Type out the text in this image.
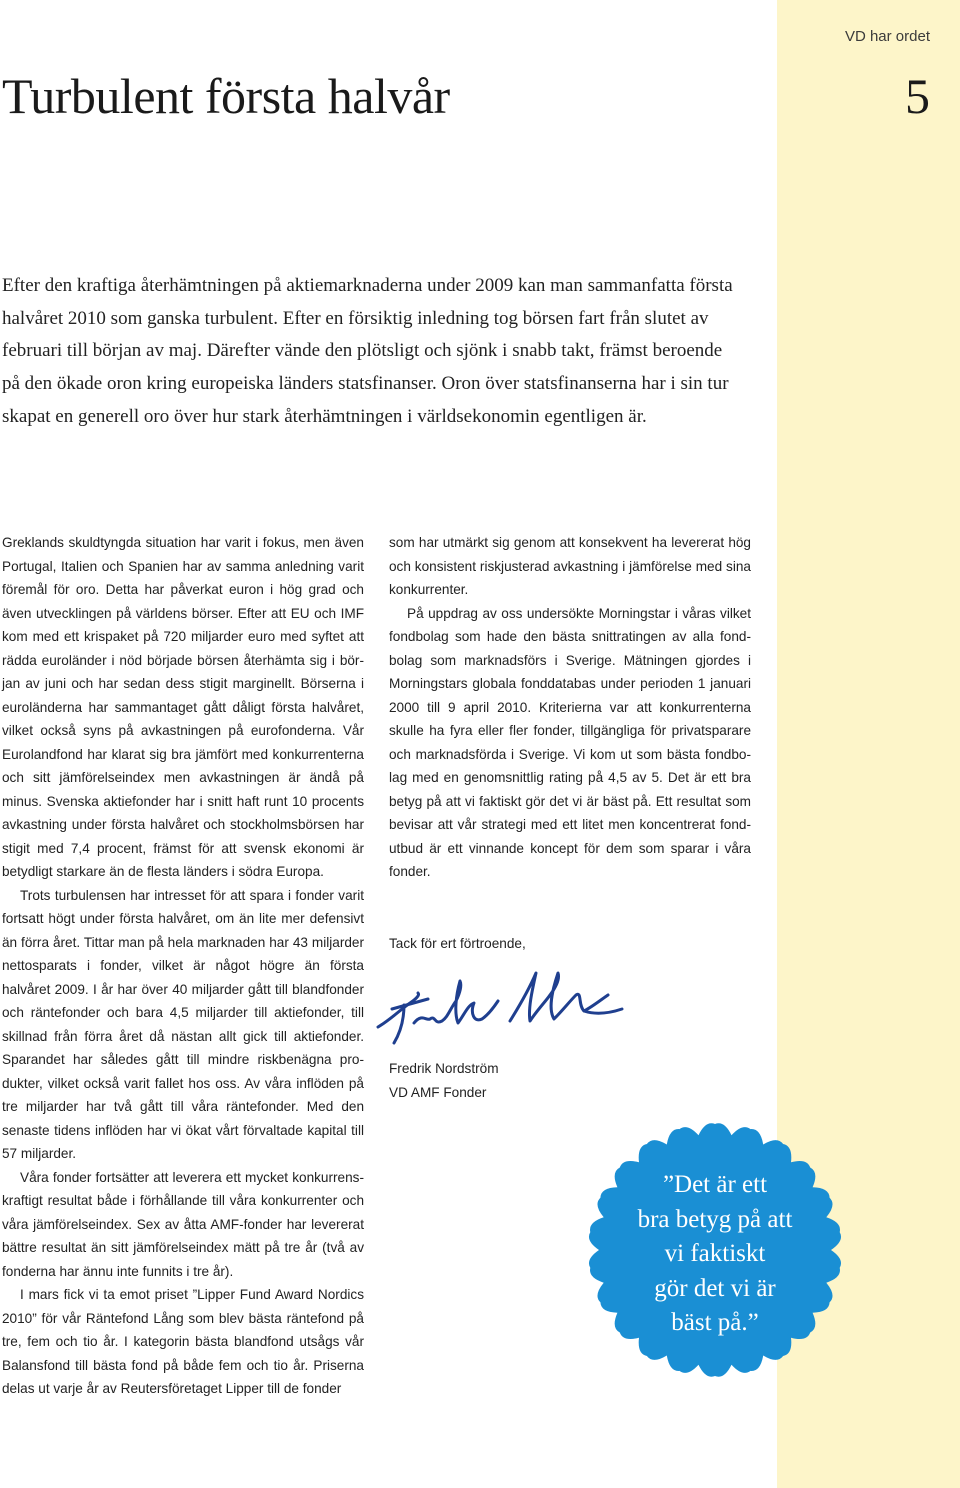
VD har ordet
5
Turbulent första halvår

Efter den kraftiga återhämtningen på aktiemarknaderna under 2009 kan man sammanfatta första halvåret 2010 som ganska turbulent. Efter en försiktig inledning tog börsen fart från slutet av februari till början av maj. Därefter vände den plötsligt och sjönk i snabb takt, främst beroende på den ökade oron kring europeiska länders statsfinanser. Oron över statsfinanserna har i sin tur skapat en generell oro över hur stark återhämtningen i världsekonomin egentligen är.

Greklands skuldtyngda situation har varit i fokus, men även Portugal, Italien och Spanien har av samma anledning varit föremål för oro. Detta har påverkat euron i hög grad och även utvecklingen på världens börser. Efter att EU och IMF kom med ett krispaket på 720 miljarder euro med syftet att rädda euroländer i nöd började börsen återhämta sig i början av juni och har sedan dess stigit marginellt. Börserna i euroländerna har sammantaget gått dåligt första halvåret, vilket också syns på avkastningen på eurofonderna. Vår Eurolandfond har klarat sig bra jämfört med konkurrenterna och sitt jämförelseindex men avkastningen är ändå på minus. Svenska aktiefonder har i snitt haft runt 10 procents avkastning under första halvåret och stockholmsbörsen har stigit med 7,4 procent, främst för att svensk ekonomi är betydligt starkare än de flesta länders i södra Europa.

Trots turbulensen har intresset för att spara i fonder varit fortsatt högt under första halvåret, om än lite mer defensivt än förra året. Tittar man på hela marknaden har 43 miljarder nettosparats i fonder, vilket är något högre än första halvåret 2009. I år har över 40 miljarder gått till blandfonder och räntefonder och bara 4,5 miljarder till aktiefonder, till skillnad från förra året då nästan allt gick till aktiefonder. Sparandet har således gått till mindre riskbenägna produkter, vilket också varit fallet hos oss. Av våra inflöden på tre miljarder har två gått till våra räntefonder. Med den senaste tidens inflöden har vi ökat vårt förvaltade kapital till 57 miljarder.

Våra fonder fortsätter att leverera ett mycket konkurrenskraftigt resultat både i förhållande till våra konkurrenter och våra jämförelseindex. Sex av åtta AMF-fonder har levererat bättre resultat än sitt jämförelseindex mätt på tre år (två av fonderna har ännu inte funnits i tre år).

I mars fick vi ta emot priset ”Lipper Fund Award Nordics 2010” för vår Räntefond Lång som blev bästa räntefond på tre, fem och tio år. I kategorin bästa blandfond utsågs vår Balansfond till bästa fond på både fem och tio år. Priserna delas ut varje år av Reutersföretaget Lipper till de fonder

som har utmärkt sig genom att konsekvent ha levererat hög och konsistent riskjusterad avkastning i jämförelse med sina konkurrenter.

På uppdrag av oss undersökte Morningstar i våras vilket fondbolag som hade den bästa snittratingen av alla fondbolag som marknadsförs i Sverige. Mätningen gjordes i Morningstars globala fonddatabas under perioden 1 januari 2000 till 9 april 2010. Kriterierna var att konkurrenterna skulle ha fyra eller fler fonder, tillgängliga för privatsparare och marknadsförda i Sverige. Vi kom ut som bästa fondbolag med en genomsnittlig rating på 4,5 av 5. Det är ett bra betyg på att vi faktiskt gör det vi är bäst på. Ett resultat som bevisar att vår strategi med ett litet men koncentrerat fondutbud är ett vinnande koncept för dem som sparar i våra fonder.

Tack för ert förtroende,
Fredrik Nordström
VD AMF Fonder
”Det är ett
bra betyg på att
vi faktiskt
gör det vi är
bäst på.”
